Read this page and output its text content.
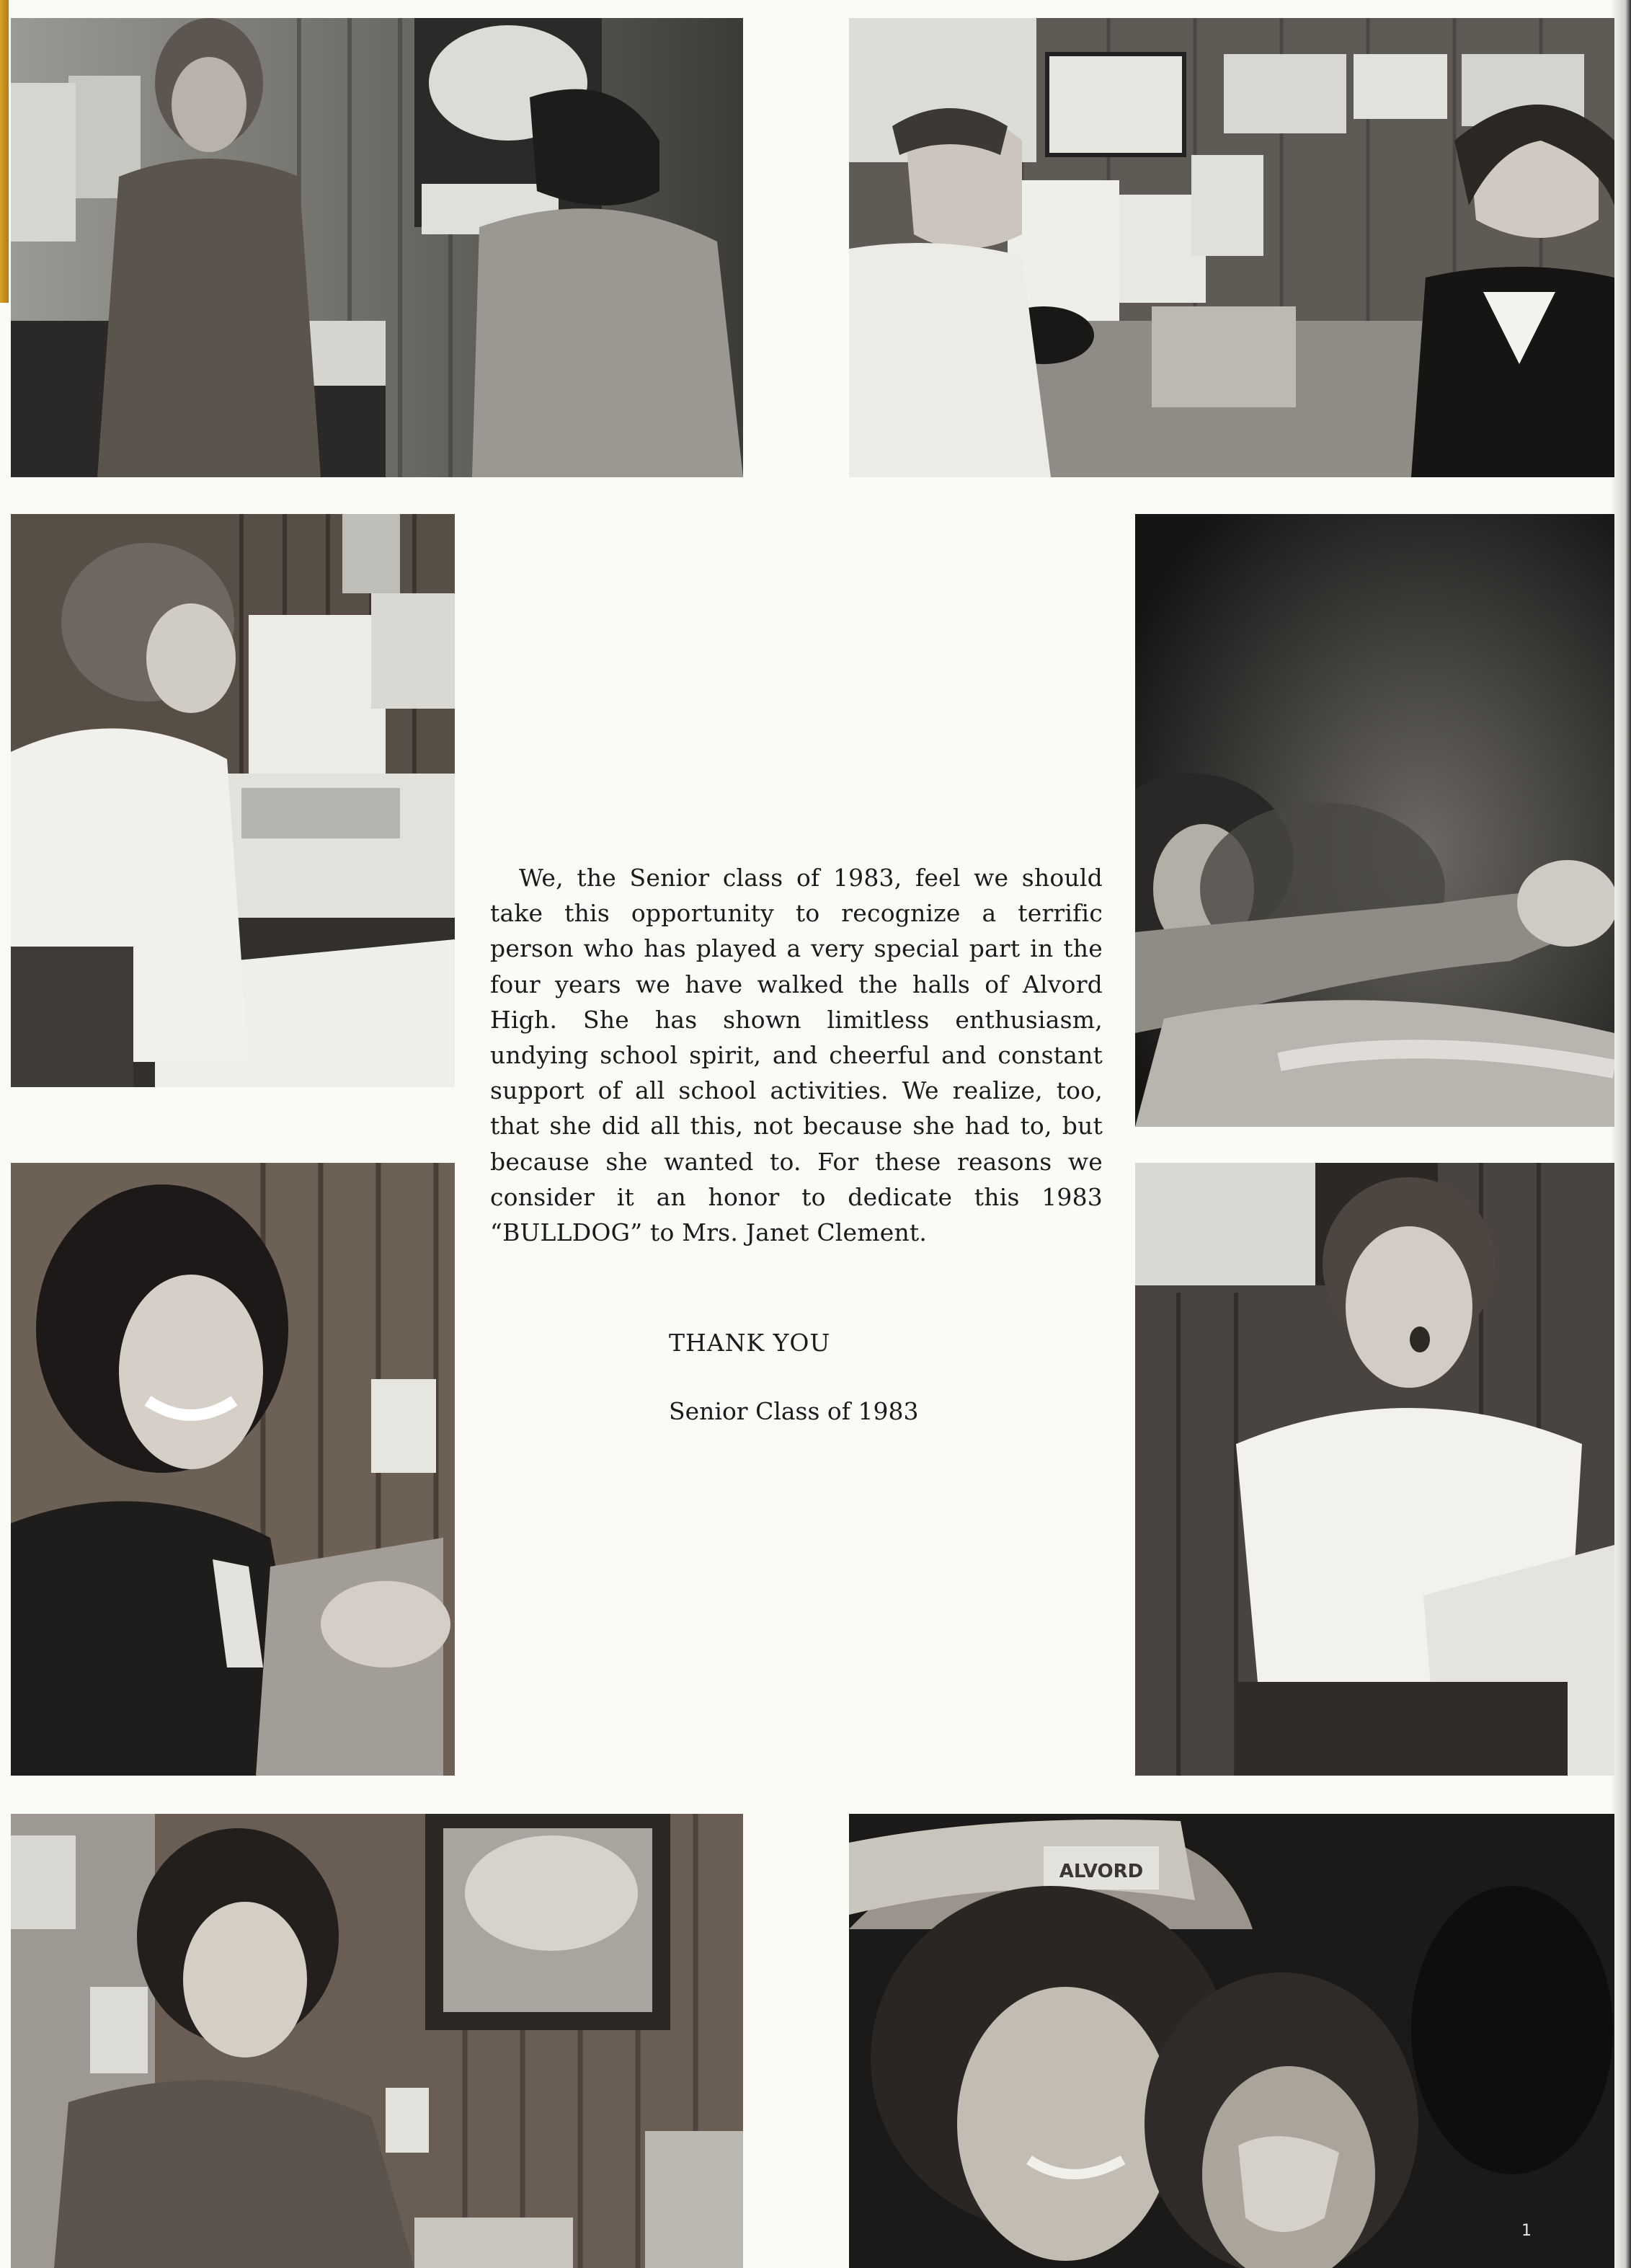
ALVORD

We, the Senior class of 1983, feel we should take this opportunity to recognize a terrific person who has played a very special part in the four years we have walked the halls of Alvord High. She has shown limitless enthusiasm, undying school spirit, and cheerful and constant support of all school activities. We realize, too, that she did all this, not because she had to, but because she wanted to. For these reasons we consider it an honor to dedicate this 1983 “BULLDOG” to Mrs. Janet Clement.

THANK YOU
Senior Class of 1983
1
